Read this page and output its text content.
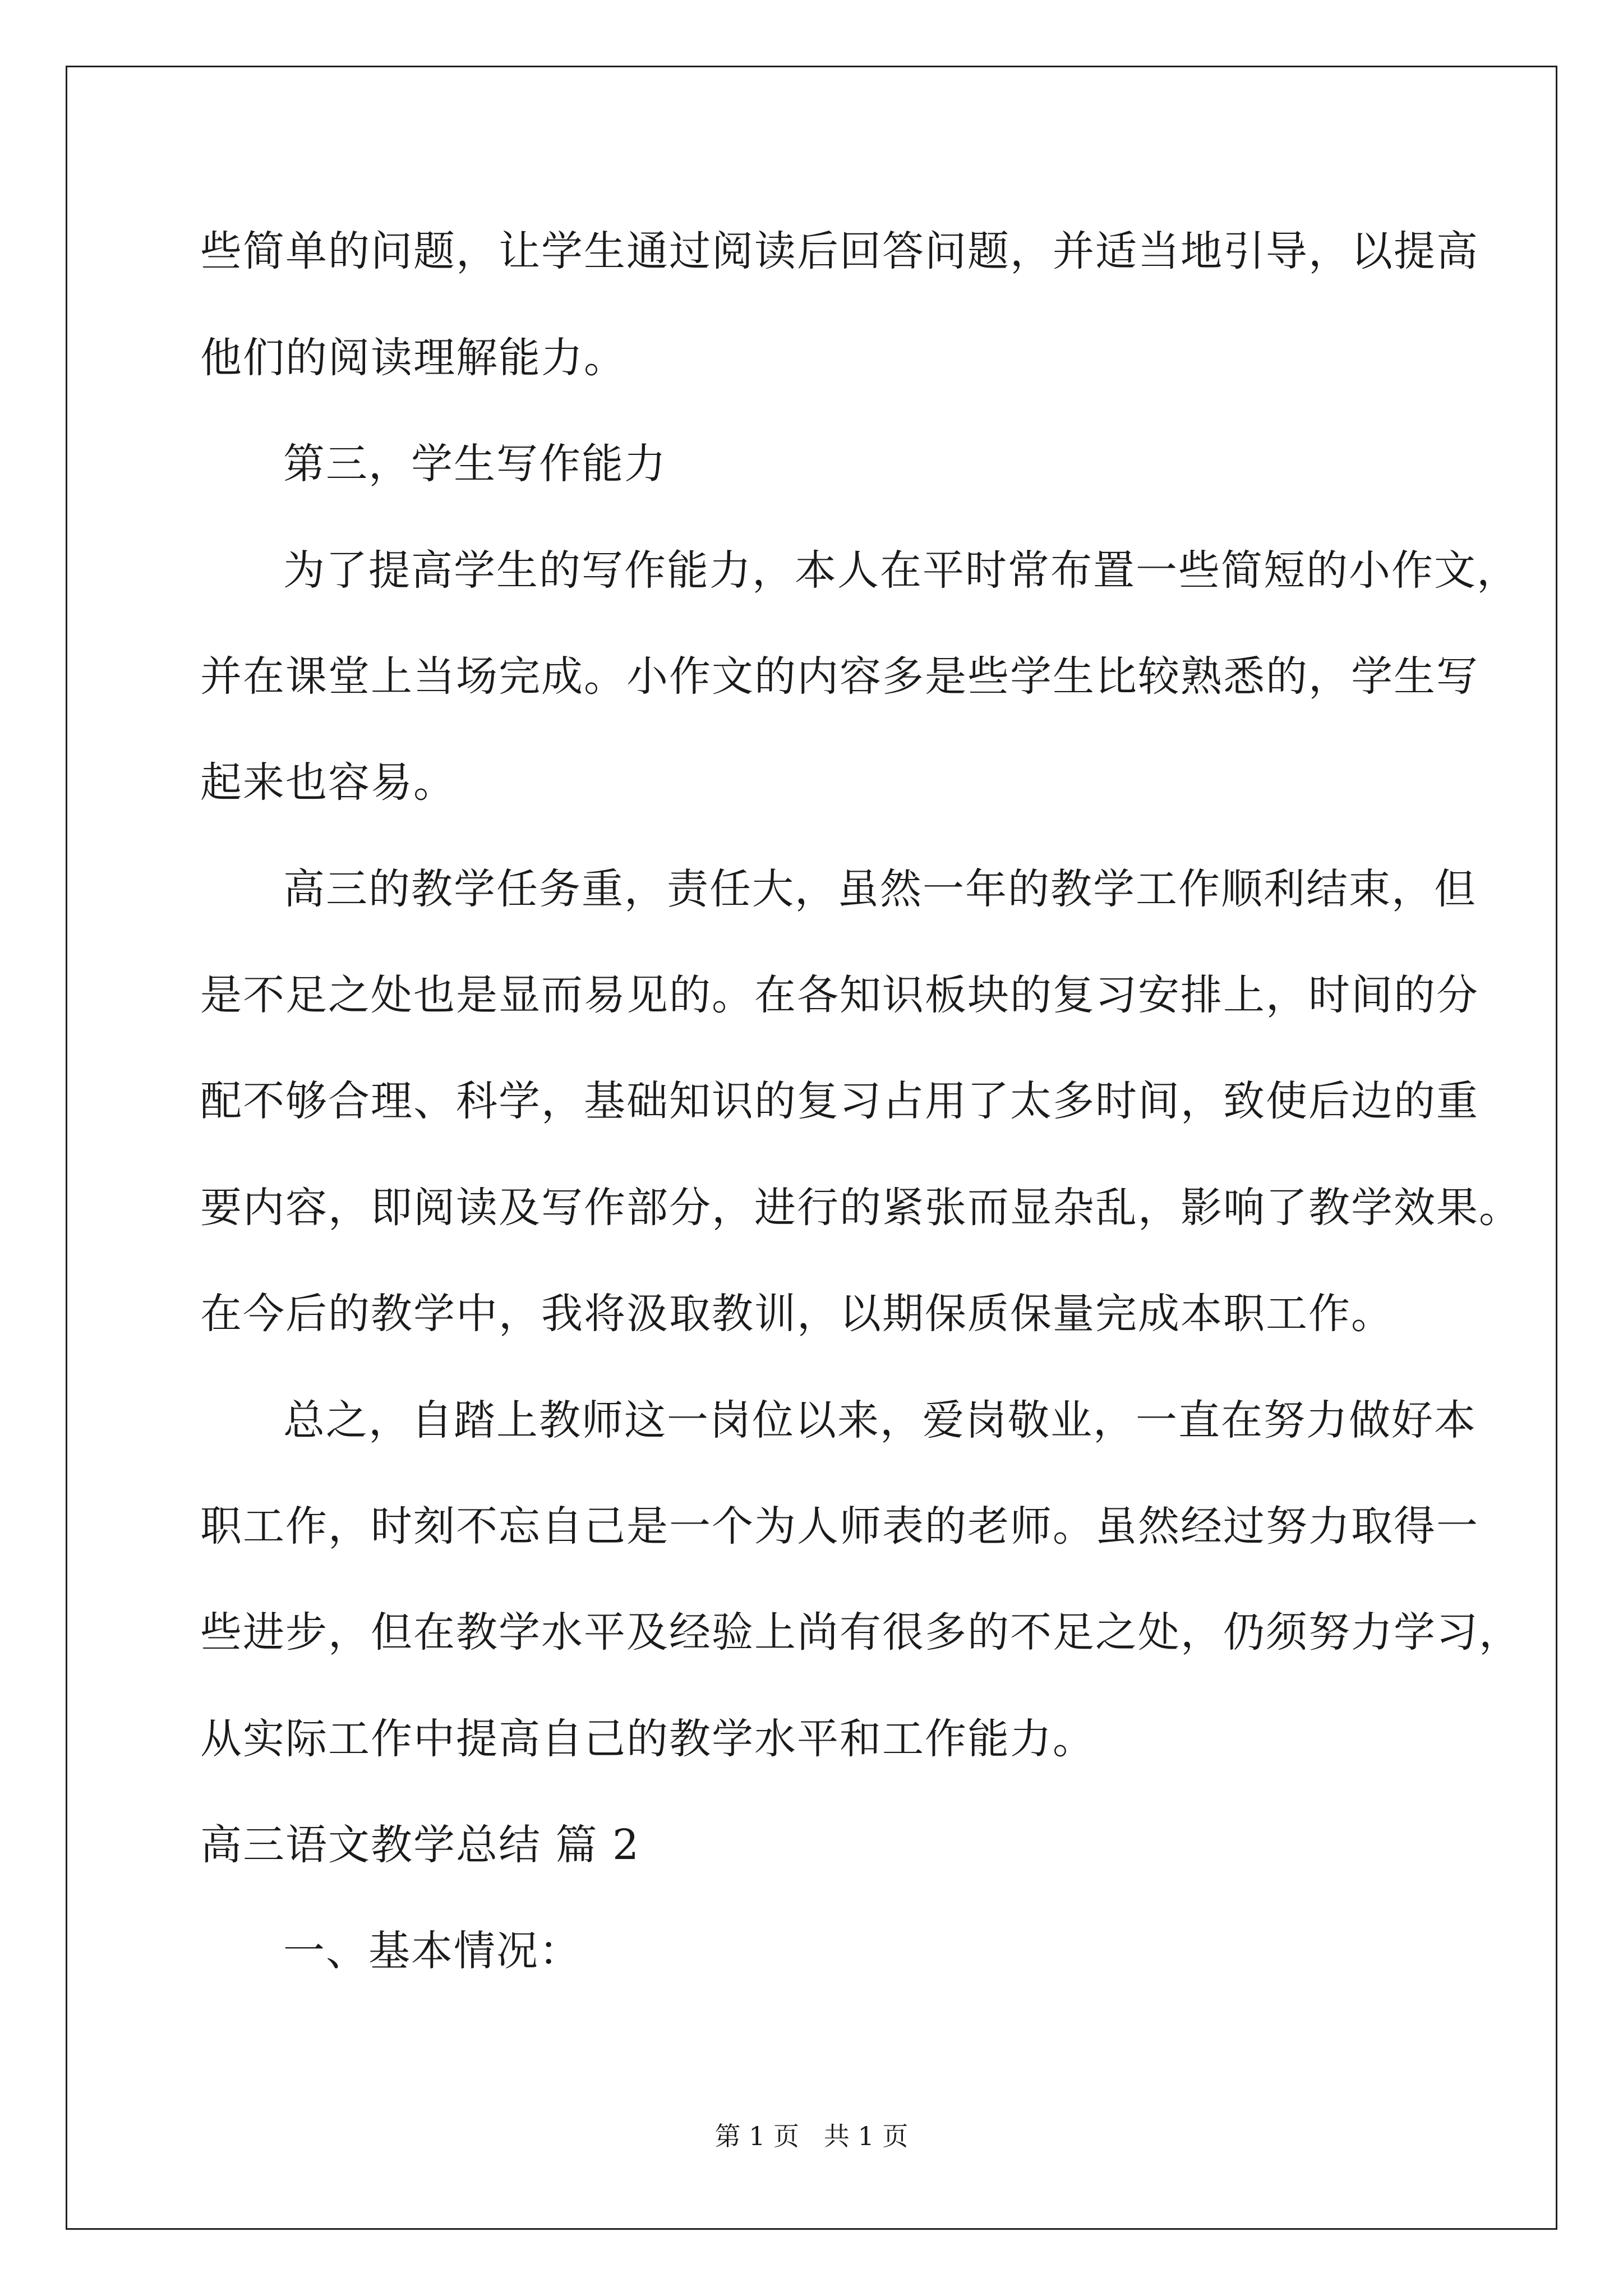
些简单的问题，让学生通过阅读后回答问题，并适当地引导，以提高
他们的阅读理解能力。
第三，学生写作能力
为了提高学生的写作能力，本人在平时常布置一些简短的小作文，
并在课堂上当场完成。小作文的内容多是些学生比较熟悉的，学生写
起来也容易。
高三的教学任务重，责任大，虽然一年的教学工作顺利结束，但
是不足之处也是显而易见的。在各知识板块的复习安排上，时间的分
配不够合理、科学，基础知识的复习占用了太多时间，致使后边的重
要内容，即阅读及写作部分，进行的紧张而显杂乱，影响了教学效果。
在今后的教学中，我将汲取教训，以期保质保量完成本职工作。
总之，自踏上教师这一岗位以来，爱岗敬业，一直在努力做好本
职工作，时刻不忘自己是一个为人师表的老师。虽然经过努力取得一
些进步，但在教学水平及经验上尚有很多的不足之处，仍须努力学习，
从实际工作中提高自己的教学水平和工作能力。
高三语文教学总结 篇 2
一、基本情况：
第 1 页   共 1 页
